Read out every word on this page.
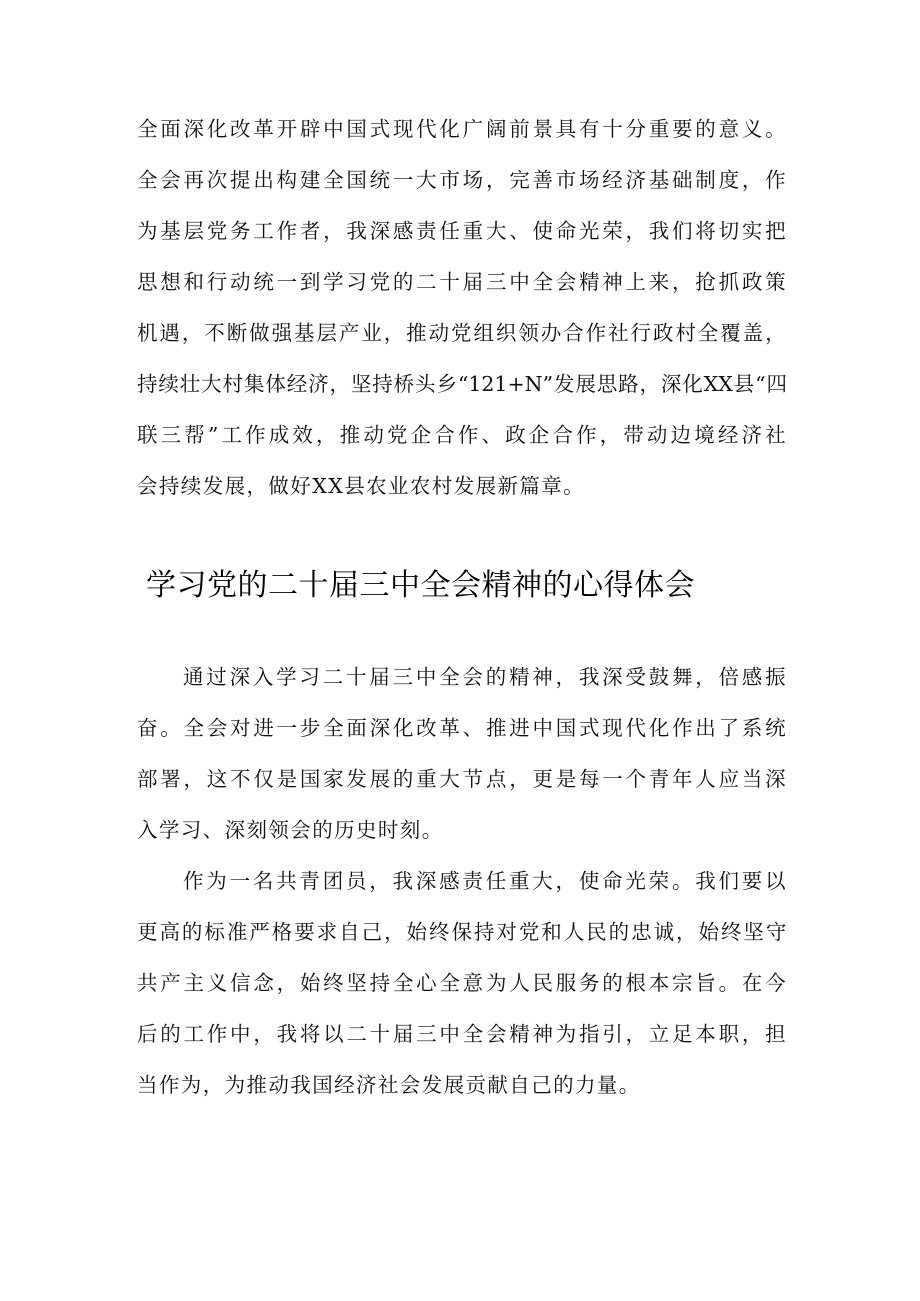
全面深化改革开辟中国式现代化广阔前景具有十分重要的意义。
全会再次提出构建全国统一大市场，完善市场经济基础制度，作
为基层党务工作者，我深感责任重大、使命光荣，我们将切实把
思想和行动统一到学习党的二十届三中全会精神上来，抢抓政策
机遇，不断做强基层产业，推动党组织领办合作社行政村全覆盖，
持续壮大村集体经济，坚持桥头乡“121+N”发展思路，深化XX县“四
联三帮”工作成效，推动党企合作、政企合作，带动边境经济社
会持续发展，做好XX县农业农村发展新篇章。
学习党的二十届三中全会精神的心得体会
通过深入学习二十届三中全会的精神，我深受鼓舞，倍感振
奋。全会对进一步全面深化改革、推进中国式现代化作出了系统
部署，这不仅是国家发展的重大节点，更是每一个青年人应当深
入学习、深刻领会的历史时刻。
作为一名共青团员，我深感责任重大，使命光荣。我们要以
更高的标准严格要求自己，始终保持对党和人民的忠诚，始终坚守
共产主义信念，始终坚持全心全意为人民服务的根本宗旨。在今
后的工作中，我将以二十届三中全会精神为指引，立足本职，担
当作为，为推动我国经济社会发展贡献自己的力量。
